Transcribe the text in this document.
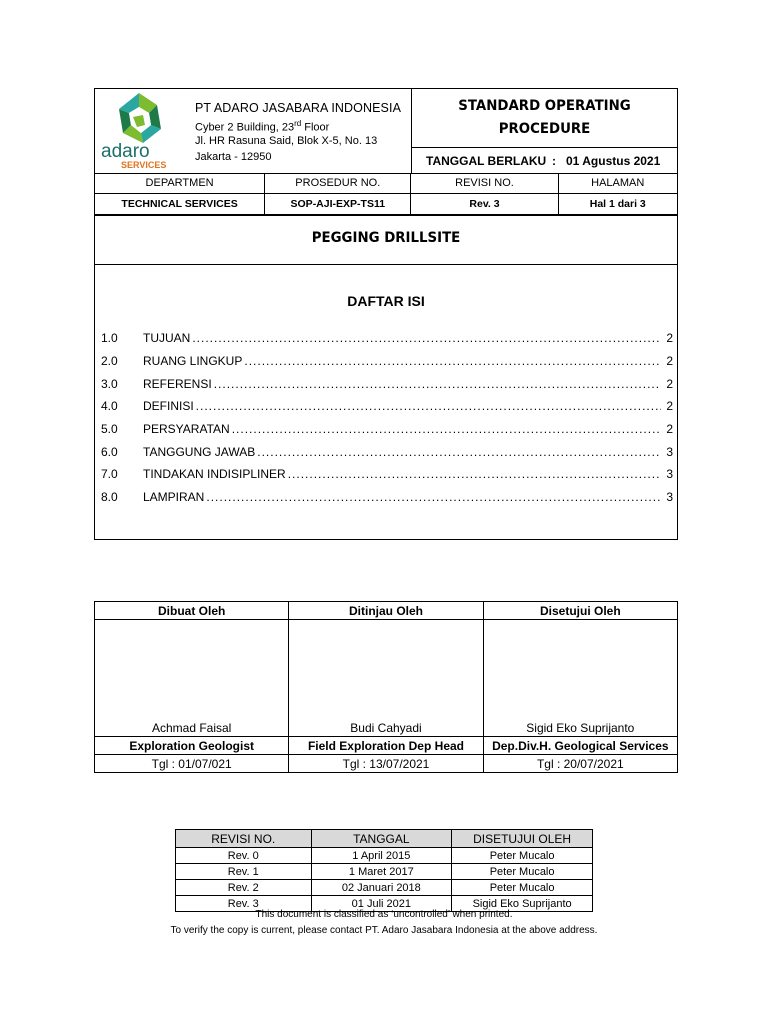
adaro
SERVICES
PT ADARO JASABARA INDONESIA
Cyber 2 Building, 23rd Floor
Jl. HR Rasuna Said, Blok X-5, No. 13
Jakarta - 12950
STANDARD OPERATING
PROCEDURE
TANGGAL BERLAKU : 01 Agustus 2021
DEPARTMEN	PROSEDUR NO.	REVISI NO.	HALAMAN
TECHNICAL SERVICES	SOP-AJI-EXP-TS11	Rev. 3	Hal 1 dari 3
PEGGING DRILLSITE
DAFTAR ISI
1.0	TUJUAN .....	2
2.0	RUANG LINGKUP .....	2
3.0	REFERENSI .....	2
4.0	DEFINISI .....	2
5.0	PERSYARATAN .....	2
6.0	TANGGUNG JAWAB .....	3
7.0	TINDAKAN INDISIPLINER .....	3
8.0	LAMPIRAN .....	3
Dibuat Oleh	Ditinjau Oleh	Disetujui Oleh
Achmad Faisal	Budi Cahyadi	Sigid Eko Suprijanto
Exploration Geologist	Field Exploration Dep Head	Dep.Div.H. Geological Services
Tgl : 01/07/021	Tgl : 13/07/2021	Tgl : 20/07/2021
REVISI NO.	TANGGAL	DISETUJUI OLEH
Rev. 0	1 April 2015	Peter Mucalo
Rev. 1	1 Maret 2017	Peter Mucalo
Rev. 2	02 Januari 2018	Peter Mucalo
Rev. 3	01 Juli 2021	Sigid Eko Suprijanto
This document is classified as ‘uncontrolled’ when printed.
To verify the copy is current, please contact PT. Adaro Jasabara Indonesia at the above address.
